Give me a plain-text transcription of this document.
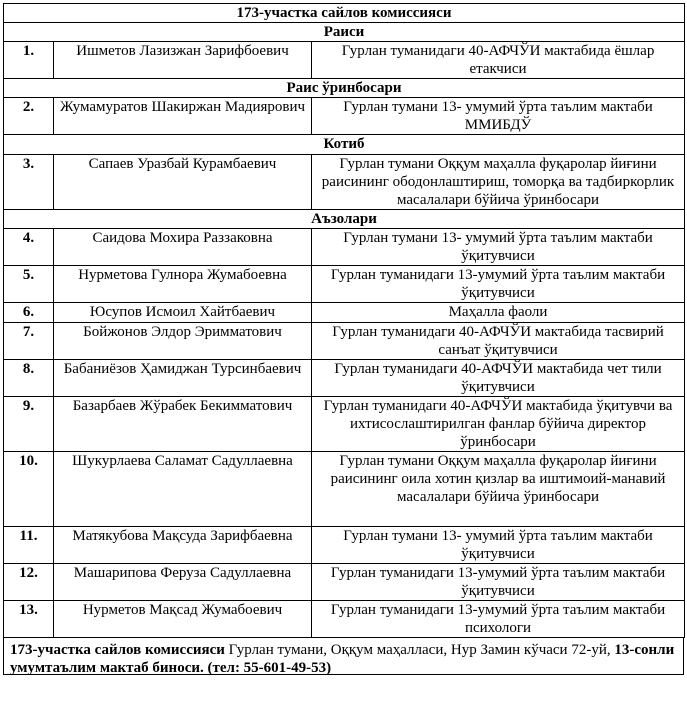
173-участка сайлов комиссияси		
Раиси		
1.	Ишметов Лазизжан Зарифбоевич	Гурлан туманидаги 40-АФЧЎИ мактабида ёшлар етакчиси
Раис ўринбосари		
2.	Жумамуратов Шакиржан Мадиярович	Гурлан тумани 13- умумий ўрта таълим мактаби ММИБДЎ
Котиб		
3.	Сапаев Уразбай Курамбаевич	Гурлан тумани Оққум маҳалла фуқаролар йиғини раисининг ободонлаштириш, томорқа ва тадбиркорлик масалалари бўйича ўринбосари
Аъзолари		
4.	Саидова Мохира Раззаковна	Гурлан тумани 13- умумий ўрта таълим мактаби ўқитувчиси
5.	Нурметова Гулнора Жумабоевна	Гурлан туманидаги 13-умумий ўрта таълим мактаби ўқитувчиси
6.	Юсупов Исмоил Хайтбаевич	Маҳалла фаоли
7.	Бойжонов Элдор Эримматович	Гурлан туманидаги 40-АФЧЎИ мактабида тасвирий санъат ўқитувчиси
8.	Бабаниёзов Ҳамиджан Турсинбаевич	Гурлан туманидаги 40-АФЧЎИ мактабида чет тили ўқитувчиси
9.	Базарбаев Жўрабек Бекимматович	Гурлан туманидаги 40-АФЧЎИ мактабида ўқитувчи ва ихтисослаштирилган фанлар бўйича директор ўринбосари
10.	Шукурлаева Саламат Садуллаевна	Гурлан тумани Оққум маҳалла фуқаролар йиғини раисининг оила хотин қизлар ва иштимоий-манавий масалалари бўйича ўринбосари
11.	Матякубова Мақсуда Зарифбаевна	Гурлан тумани 13- умумий ўрта таълим мактаби ўқитувчиси
12.	Машарипова Феруза Садуллаевна	Гурлан туманидаги 13-умумий ўрта таълим мактаби ўқитувчиси
13.	Нурметов Мақсад Жумабоевич	Гурлан туманидаги 13-умумий ўрта таълим мактаби психологи
173-участка сайлов комиссияси Гурлан тумани, Оққум маҳалласи, Нур Замин кўчаси 72-уй, 13-сонли умумтаълим мактаб биноси. (тел: 55-601-49-53)
